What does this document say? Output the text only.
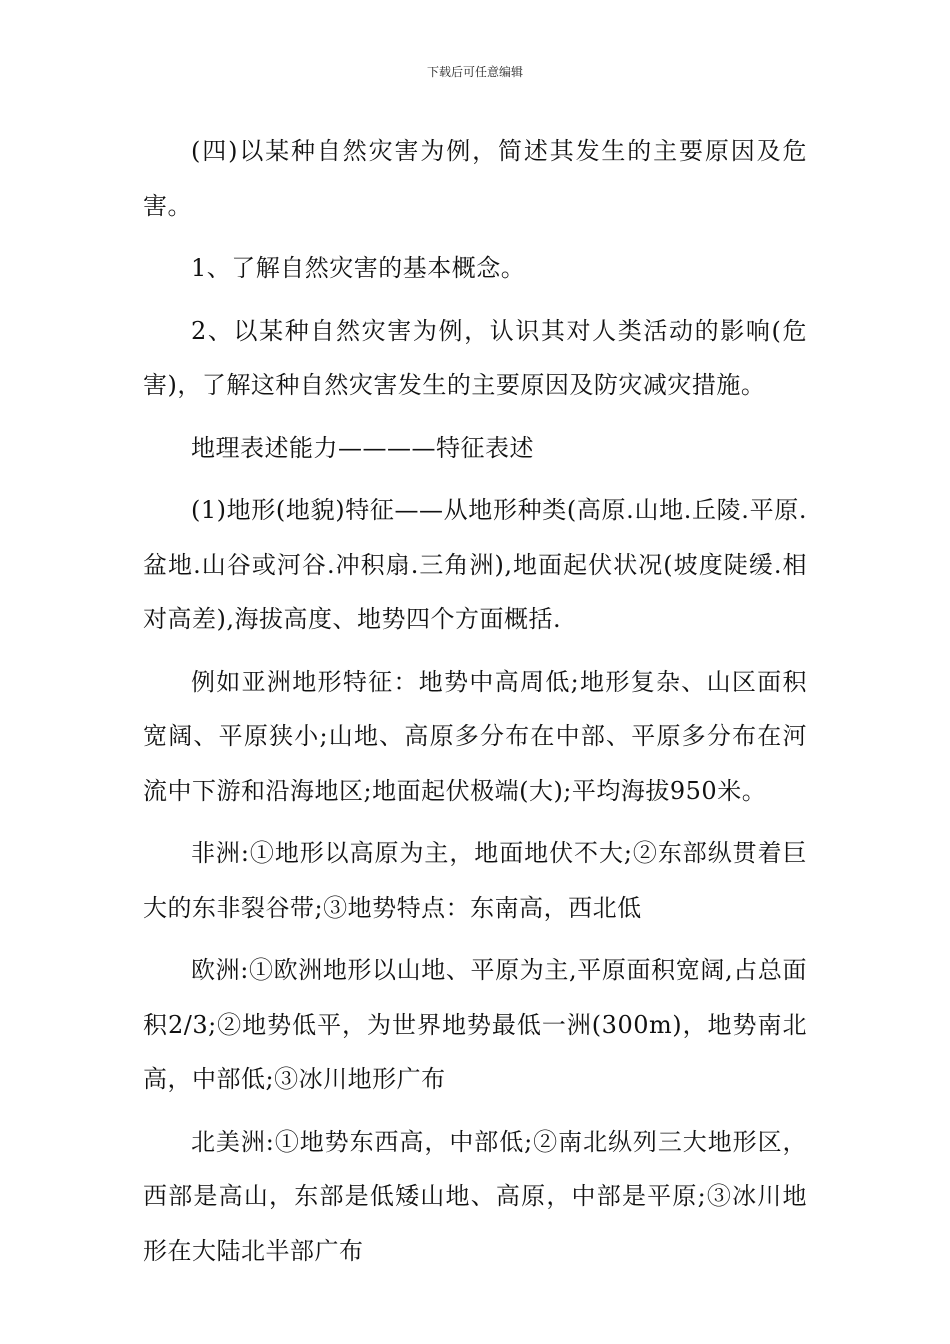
下载后可任意编辑

(四)以某种自然灾害为例，简述其发生的主要原因及危害。

1、了解自然灾害的基本概念。

2、以某种自然灾害为例，认识其对人类活动的影响(危害)，了解这种自然灾害发生的主要原因及防灾减灾措施。

地理表述能力————特征表述

(1)地形(地貌)特征——从地形种类(高原.山地.丘陵.平原.盆地.山谷或河谷.冲积扇.三角洲),地面起伏状况(坡度陡缓.相对高差),海拔高度、地势四个方面概括.

例如亚洲地形特征：地势中高周低;地形复杂、山区面积宽阔、平原狭小;山地、高原多分布在中部、平原多分布在河流中下游和沿海地区;地面起伏极端(大);平均海拔950米。

非洲:①地形以高原为主，地面地伏不大;②东部纵贯着巨大的东非裂谷带;③地势特点：东南高，西北低

欧洲:①欧洲地形以山地、平原为主,平原面积宽阔,占总面积2/3;②地势低平，为世界地势最低一洲(300m)，地势南北高，中部低;③冰川地形广布

北美洲:①地势东西高，中部低;②南北纵列三大地形区，西部是高山，东部是低矮山地、高原，中部是平原;③冰川地形在大陆北半部广布
